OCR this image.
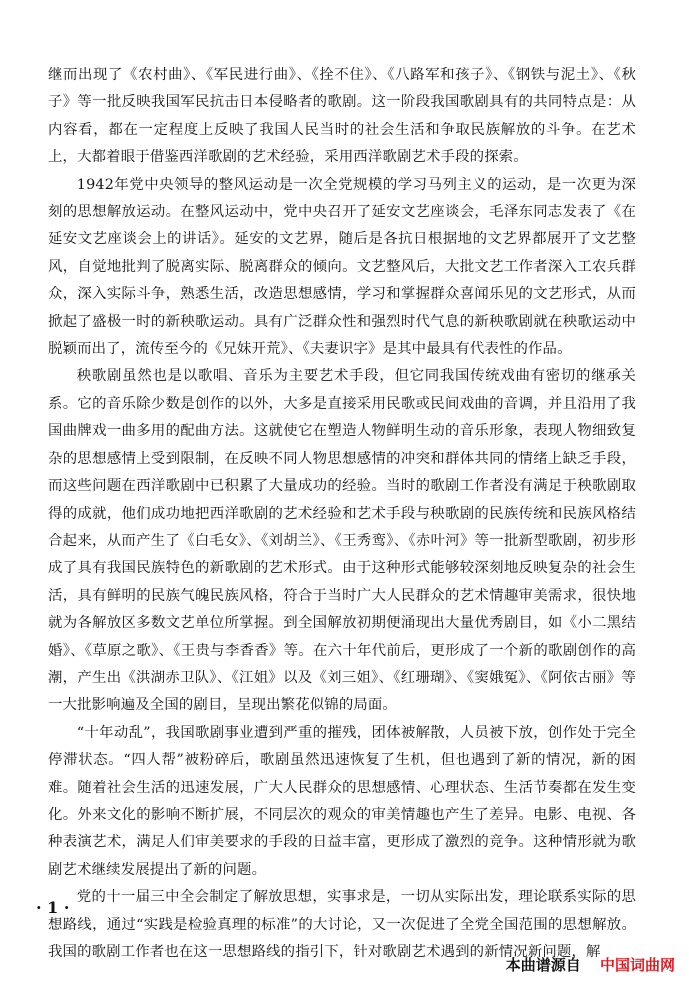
继而出现了《农村曲》、《军民进行曲》、《拴不住》、《八路军和孩子》、《钢铁与泥土》、《秋子》等一批反映我国军民抗击日本侵略者的歌剧。这一阶段我国歌剧具有的共同特点是：从内容看，都在一定程度上反映了我国人民当时的社会生活和争取民族解放的斗争。在艺术上，大都着眼于借鉴西洋歌剧的艺术经验，采用西洋歌剧艺术手段的探索。

1942年党中央领导的整风运动是一次全党规模的学习马列主义的运动，是一次更为深刻的思想解放运动。在整风运动中，党中央召开了延安文艺座谈会，毛泽东同志发表了《在延安文艺座谈会上的讲话》。延安的文艺界，随后是各抗日根据地的文艺界都展开了文艺整风，自觉地批判了脱离实际、脱离群众的倾向。文艺整风后，大批文艺工作者深入工农兵群众，深入实际斗争，熟悉生活，改造思想感情，学习和掌握群众喜闻乐见的文艺形式，从而掀起了盛极一时的新秧歌运动。具有广泛群众性和强烈时代气息的新秧歌剧就在秧歌运动中脱颖而出了，流传至今的《兄妹开荒》、《夫妻识字》是其中最具有代表性的作品。

秧歌剧虽然也是以歌唱、音乐为主要艺术手段，但它同我国传统戏曲有密切的继承关系。它的音乐除少数是创作的以外，大多是直接采用民歌或民间戏曲的音调，并且沿用了我国曲牌戏一曲多用的配曲方法。这就使它在塑造人物鲜明生动的音乐形象，表现人物细致复杂的思想感情上受到限制，在反映不同人物思想感情的冲突和群体共同的情绪上缺乏手段，而这些问题在西洋歌剧中已积累了大量成功的经验。当时的歌剧工作者没有满足于秧歌剧取得的成就，他们成功地把西洋歌剧的艺术经验和艺术手段与秧歌剧的民族传统和民族风格结合起来，从而产生了《白毛女》、《刘胡兰》、《王秀鸾》、《赤叶河》等一批新型歌剧，初步形成了具有我国民族特色的新歌剧的艺术形式。由于这种形式能够较深刻地反映复杂的社会生活，具有鲜明的民族气魄民族风格，符合于当时广大人民群众的艺术情趣审美需求，很快地就为各解放区多数文艺单位所掌握。到全国解放初期便涌现出大量优秀剧目，如《小二黑结婚》、《草原之歌》、《王贵与李香香》等。在六十年代前后，更形成了一个新的歌剧创作的高潮，产生出《洪湖赤卫队》、《江姐》以及《刘三姐》、《红珊瑚》、《窦娥冤》、《阿依古丽》等一大批影响遍及全国的剧目，呈现出繁花似锦的局面。

“十年动乱”，我国歌剧事业遭到严重的摧残，团体被解散，人员被下放，创作处于完全停滞状态。“四人帮”被粉碎后，歌剧虽然迅速恢复了生机，但也遇到了新的情况，新的困难。随着社会生活的迅速发展，广大人民群众的思想感情、心理状态、生活节奏都在发生变化。外来文化的影响不断扩展，不同层次的观众的审美情趣也产生了差异。电影、电视、各种表演艺术，满足人们审美要求的手段的日益丰富，更形成了激烈的竞争。这种情形就为歌剧艺术继续发展提出了新的问题。

党的十一届三中全会制定了解放思想，实事求是，一切从实际出发，理论联系实际的思想路线，通过“实践是检验真理的标准”的大讨论，又一次促进了全党全国范围的思想解放。我国的歌剧工作者也在这一思想路线的指引下，针对歌剧艺术遇到的新情况新问题，解

· 1 ·
本曲谱源自 中国词曲网
